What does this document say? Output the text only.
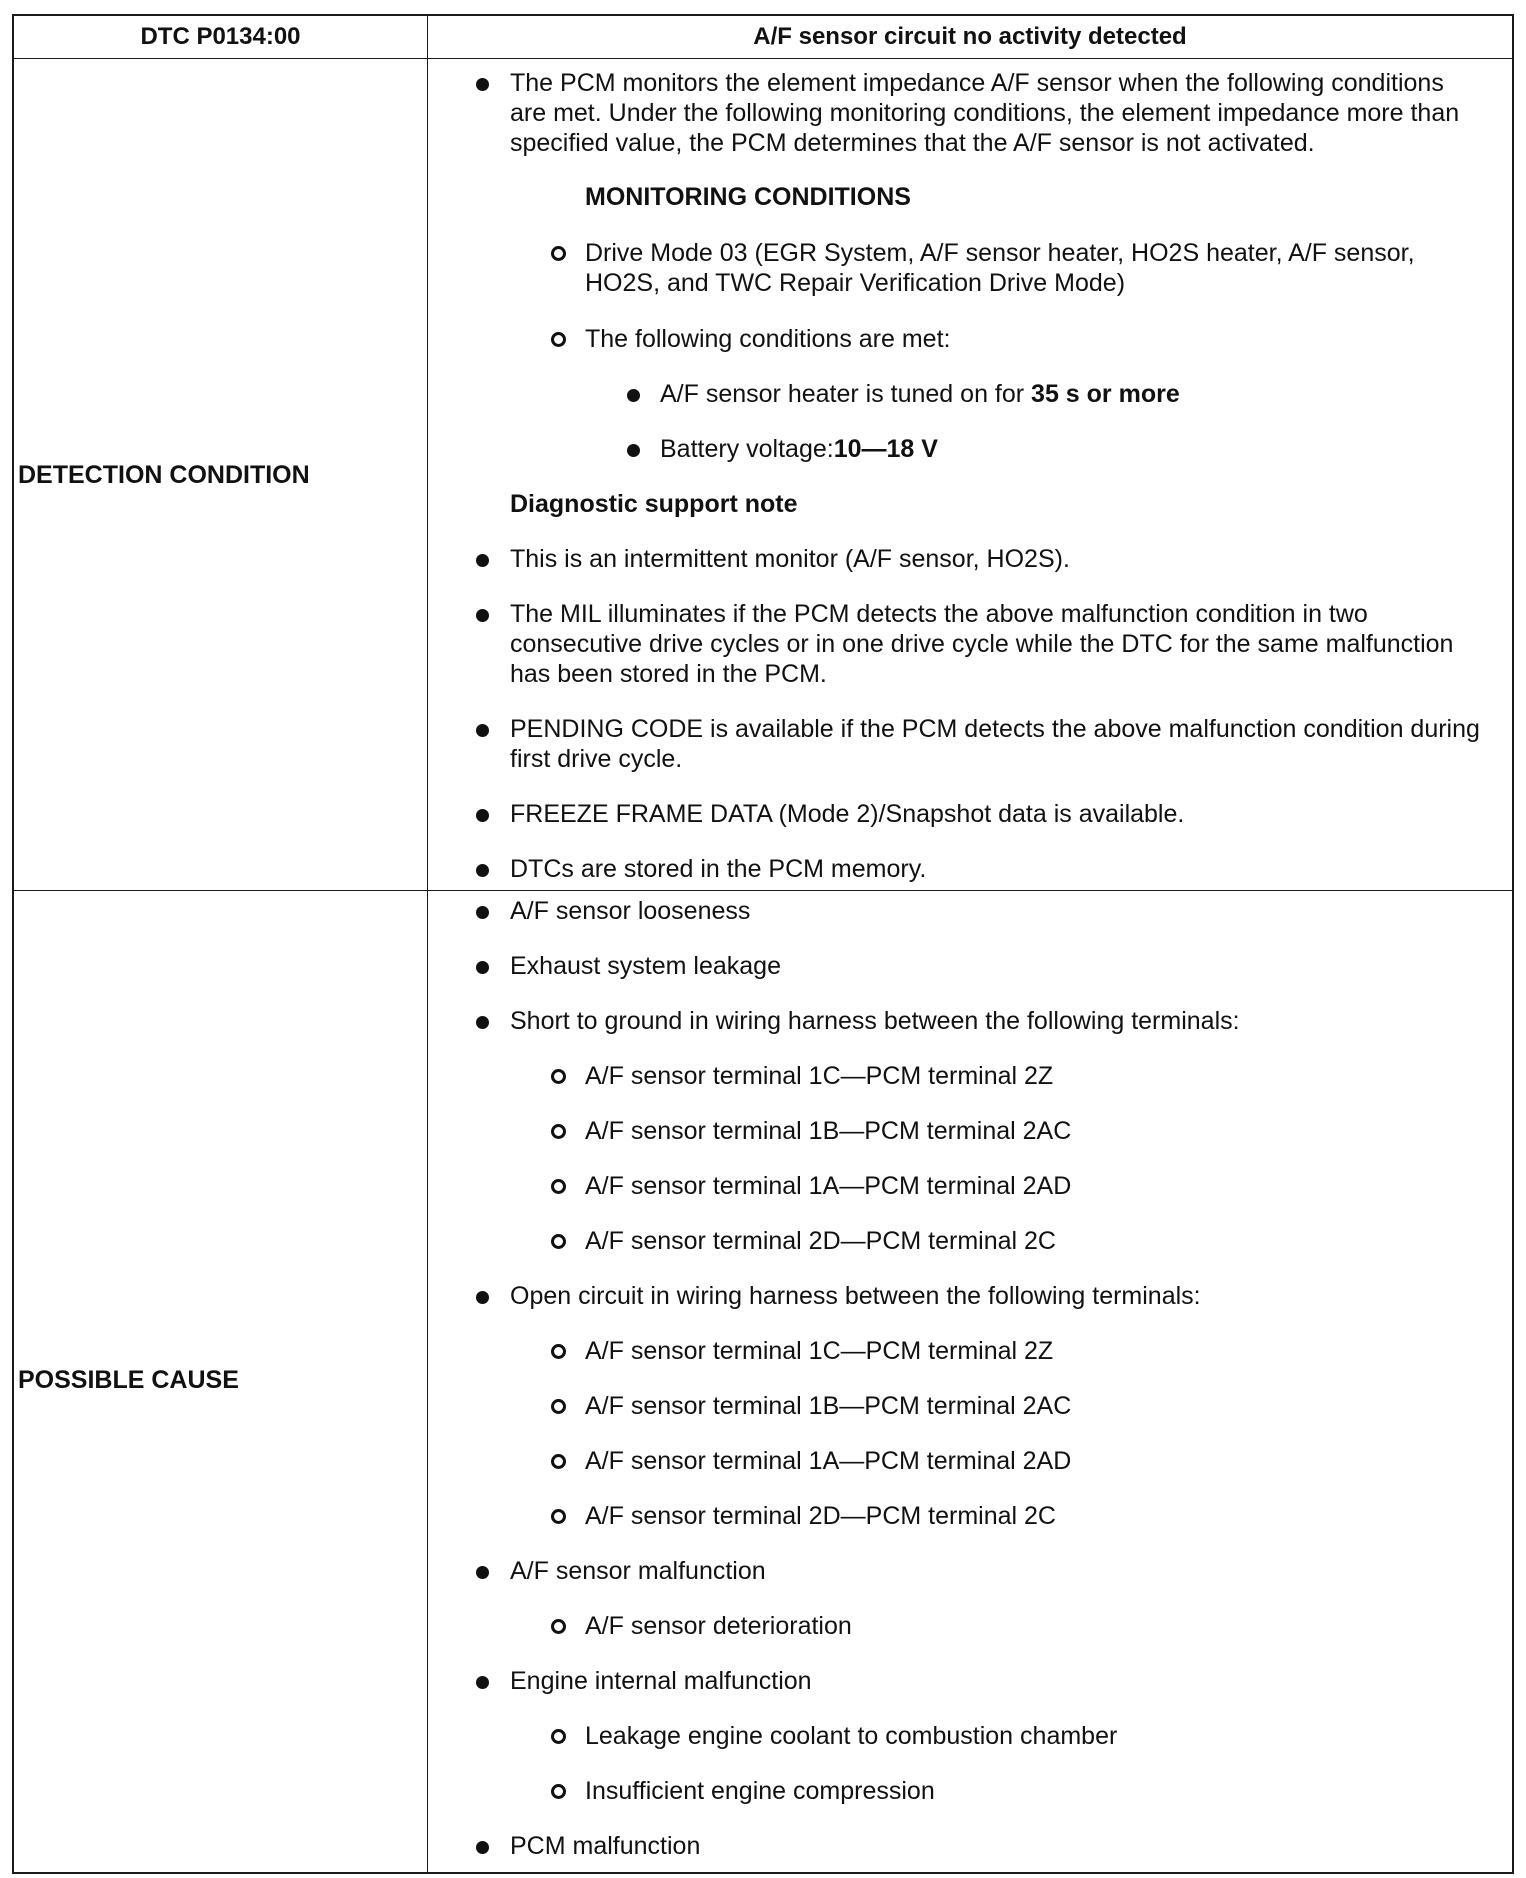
DTC P0134:00	A/F sensor circuit no activity detected
DETECTION CONDITION
POSSIBLE CAUSE
The PCM monitors the element impedance A/F sensor when the following conditions
are met. Under the following monitoring conditions, the element impedance more than
specified value, the PCM determines that the A/F sensor is not activated.
MONITORING CONDITIONS
Drive Mode 03 (EGR System, A/F sensor heater, HO2S heater, A/F sensor,
HO2S, and TWC Repair Verification Drive Mode)
The following conditions are met:
A/F sensor heater is tuned on for 35 s or more
Battery voltage:10—18 V
Diagnostic support note
This is an intermittent monitor (A/F sensor, HO2S).
The MIL illuminates if the PCM detects the above malfunction condition in two
consecutive drive cycles or in one drive cycle while the DTC for the same malfunction
has been stored in the PCM.
PENDING CODE is available if the PCM detects the above malfunction condition during
first drive cycle.
FREEZE FRAME DATA (Mode 2)/Snapshot data is available.
DTCs are stored in the PCM memory.
A/F sensor looseness
Exhaust system leakage
Short to ground in wiring harness between the following terminals:
A/F sensor terminal 1C—PCM terminal 2Z
A/F sensor terminal 1B—PCM terminal 2AC
A/F sensor terminal 1A—PCM terminal 2AD
A/F sensor terminal 2D—PCM terminal 2C
Open circuit in wiring harness between the following terminals:
A/F sensor terminal 1C—PCM terminal 2Z
A/F sensor terminal 1B—PCM terminal 2AC
A/F sensor terminal 1A—PCM terminal 2AD
A/F sensor terminal 2D—PCM terminal 2C
A/F sensor malfunction
A/F sensor deterioration
Engine internal malfunction
Leakage engine coolant to combustion chamber
Insufficient engine compression
PCM malfunction
